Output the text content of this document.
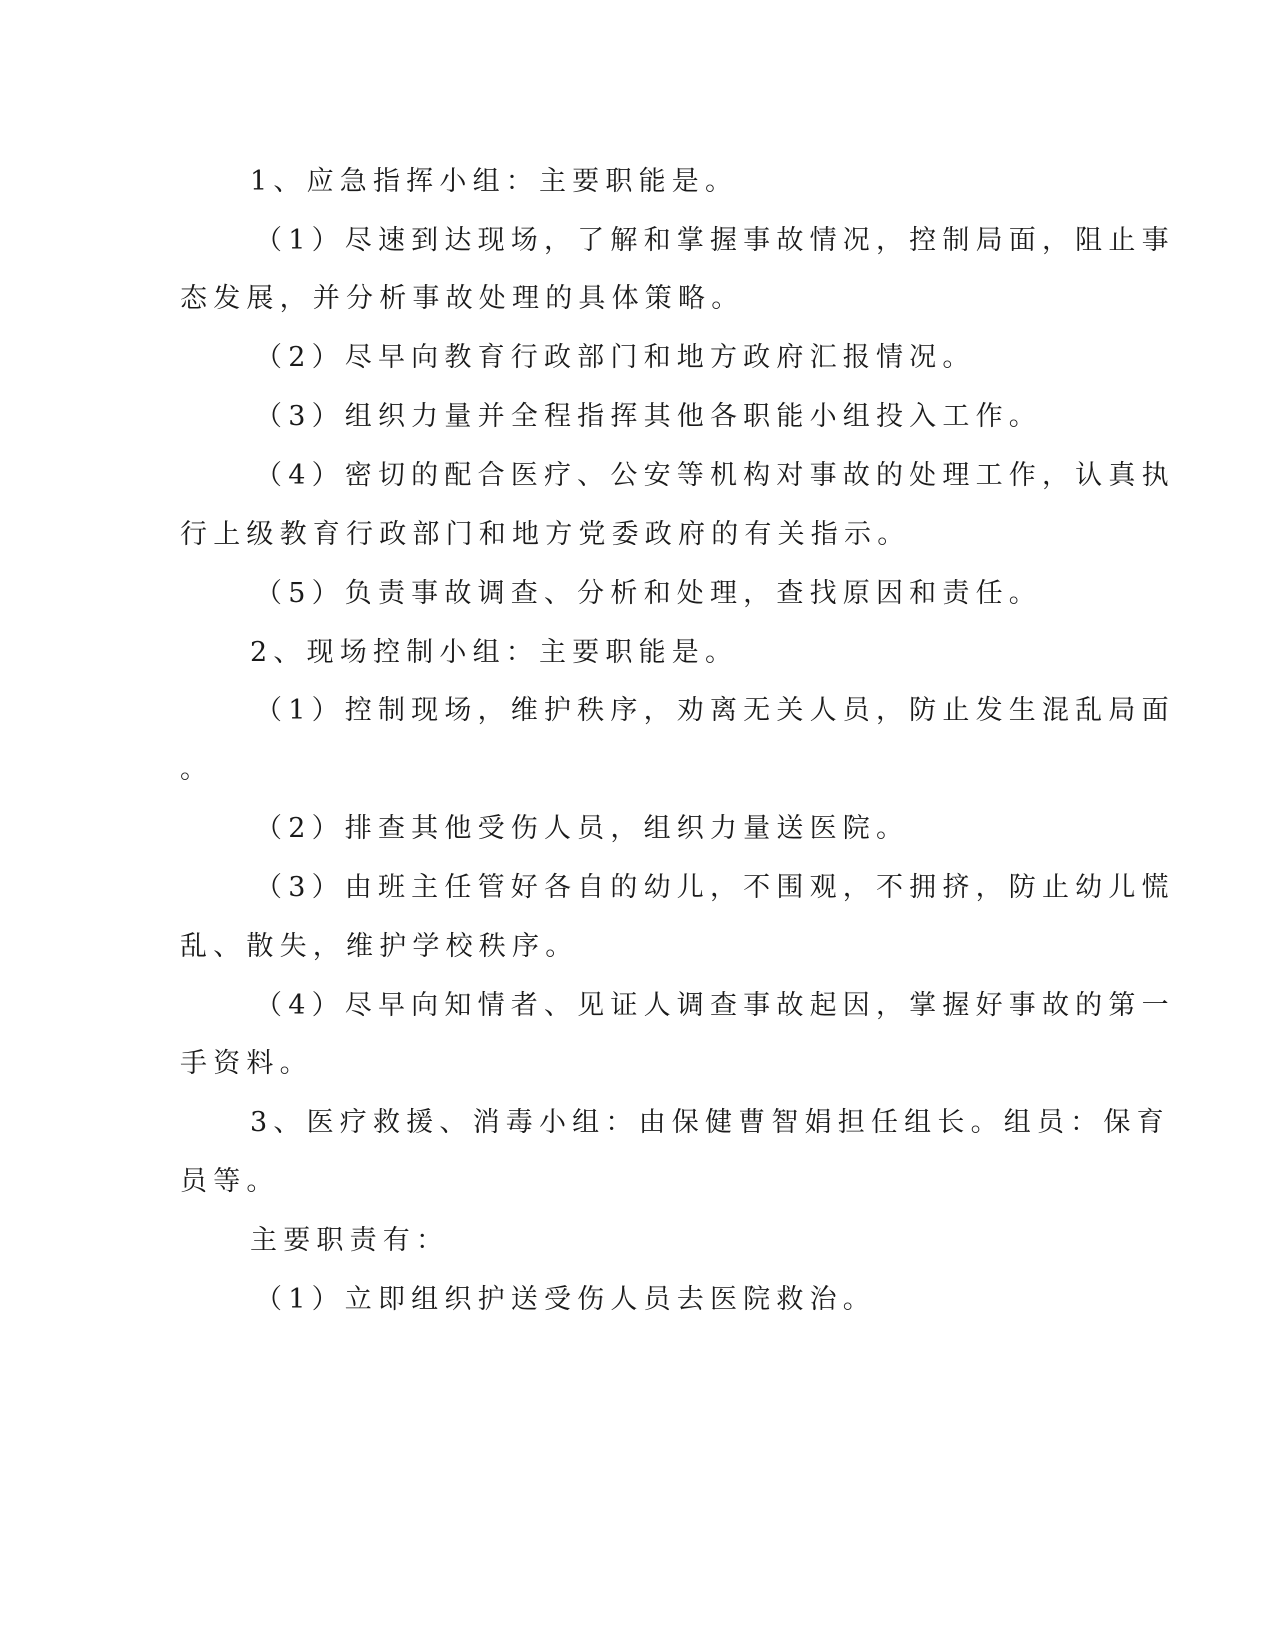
1、应急指挥小组：主要职能是。
（1）尽速到达现场，了解和掌握事故情况，控制局面，阻止事
态发展，并分析事故处理的具体策略。
（2）尽早向教育行政部门和地方政府汇报情况。
（3）组织力量并全程指挥其他各职能小组投入工作。
（4）密切的配合医疗、公安等机构对事故的处理工作，认真执
行上级教育行政部门和地方党委政府的有关指示。
（5）负责事故调查、分析和处理，查找原因和责任。
2、现场控制小组：主要职能是。
（1）控制现场，维护秩序，劝离无关人员，防止发生混乱局面
。
（2）排查其他受伤人员，组织力量送医院。
（3）由班主任管好各自的幼儿，不围观，不拥挤，防止幼儿慌
乱、散失，维护学校秩序。
（4）尽早向知情者、见证人调查事故起因，掌握好事故的第一
手资料。
3、医疗救援、消毒小组：由保健曹智娟担任组长。组员：保育
员等。
主要职责有：
（1）立即组织护送受伤人员去医院救治。
